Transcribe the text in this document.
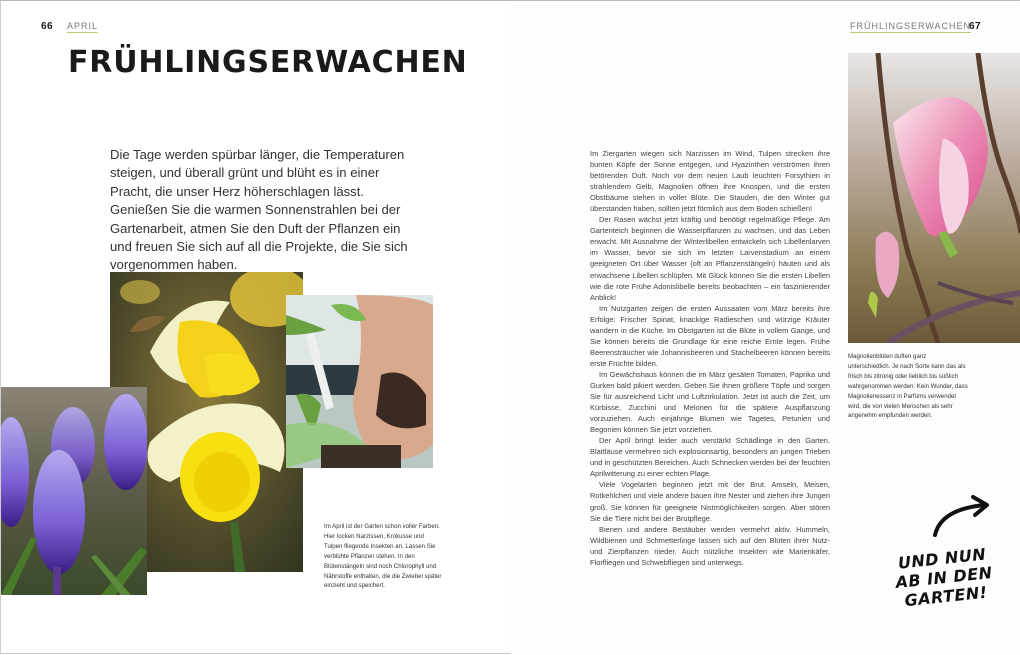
66 APRIL
FRÜHLINGSERWACHEN

Die Tage werden spürbar länger, die Temperaturen steigen, und überall grünt und blüht es in einer Pracht, die unser Herz höherschlagen lässt. Genießen Sie die warmen Sonnenstrahlen bei der Gartenarbeit, atmen Sie den Duft der Pflanzen ein und freuen Sie sich auf all die Projekte, die Sie sich vorgenommen haben.

Im April ist der Garten schon voller Farben. Hier locken Narzissen, Krokusse und Tulpen fliegende Insekten an. Lassen Sie verblühte Pflanzen stehen. In den Blütenstängeln sind noch Chlorophyll und Nährstoffe enthalten, die die Zwiebel später einzieht und speichert.

FRÜHLINGSERWACHEN
67

Im Ziergarten wiegen sich Narzissen im Wind, Tulpen strecken ihre bunten Köpfe der Sonne entgegen, und Hyazinthen verströmen ihren betörenden Duft. Noch vor dem neuen Laub leuchten Forsythien in strahlendem Gelb, Magnolien öffnen ihre Knospen, und die ersten Obstbäume stehen in voller Blüte. Die Stauden, die den Winter gut überstanden haben, sollten jetzt förmlich aus dem Boden schießen!

Der Rasen wächst jetzt kräftig und benötigt regelmäßige Pflege. Am Gartenteich beginnen die Wasserpflanzen zu wachsen, und das Leben erwacht. Mit Ausnahme der Winterlibellen entwickeln sich Libellenlarven im Wasser, bevor sie sich im letzten Larvenstadium an einem geeigneten Ort über Wasser (oft an Pflanzenstängeln) häuten und als erwachsene Libellen schlüpfen. Mit Glück können Sie die ersten Libellen wie die rote Frühe Adonislibelle bereits beobachten – ein faszinierender Anblick!

Im Nutzgarten zeigen die ersten Aussaaten vom März bereits ihre Erfolge: Frischer Spinat, knackige Radieschen und würzige Kräuter wandern in die Küche. Im Obstgarten ist die Blüte in vollem Gange, und Sie können bereits die Grundlage für eine reiche Ernte legen. Frühe Beerensträucher wie Johannisbeeren und Stachelbeeren können bereits erste Früchte bilden.

Im Gewächshaus können die im März gesäten Tomaten, Paprika und Gurken bald pikiert werden. Geben Sie ihnen größere Töpfe und sorgen Sie für ausreichend Licht und Luftzirkulation. Jetzt ist auch die Zeit, um Kürbisse, Zucchini und Melonen für die spätere Auspflanzung vorzuziehen. Auch einjährige Blumen wie Tagetes, Petunien und Begonien können Sie jetzt vorziehen.

Der April bringt leider auch verstärkt Schädlinge in den Garten. Blattläuse vermehren sich explosionsartig, besonders an jungen Trieben und in geschützten Bereichen. Auch Schnecken werden bei der feuchten Aprilwitterung zu einer echten Plage.

Viele Vogelarten beginnen jetzt mit der Brut. Amseln, Meisen, Rotkehlchen und viele andere bauen ihre Nester und ziehen ihre Jungen groß. Sie können für geeignete Nistmöglichkeiten sorgen. Aber stören Sie die Tiere nicht bei der Brutpflege.

Bienen und andere Bestäuber werden vermehrt aktiv. Hummeln, Wildbienen und Schmetterlinge lassen sich auf den Blüten ihrer Nutz- und Zierpflanzen nieder. Auch nützliche Insekten wie Marienkäfer, Florfliegen und Schwebfliegen sind unterwegs.

Magnolienblüten duften ganz unterschiedlich. Je nach Sorte kann das als frisch bis zitronig oder lieblich bis süßlich wahrgenommen werden. Kein Wunder, dass Magnolienessenz in Parfüms verwendet wird, die von vielen Menschen als sehr angenehm empfunden werden.

UND NUN AB IN DEN GARTEN!
